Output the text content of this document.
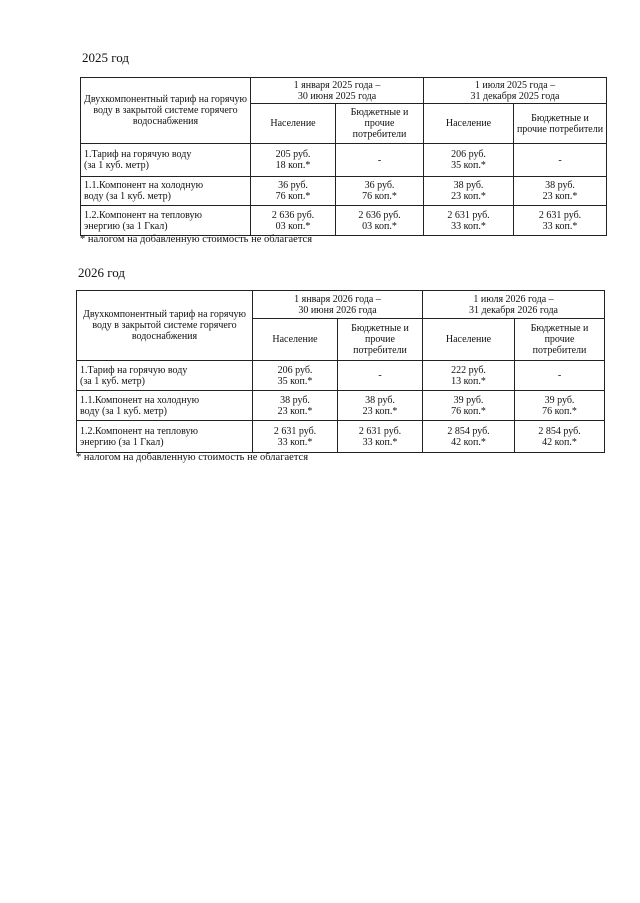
2025 год
Двухкомпонентный тариф на горячую воду в закрытой системе горячего водоснабжения	1 января 2025 года –
30 июня 2025 года		1 июля 2025 года –
31 декабря 2025 года	
	Население	Бюджетные и прочие потребители	Население	Бюджетные и прочие потребители
1.Тариф на горячую воду
(за 1 куб. метр)	205 руб.
18 коп.*	-	206 руб.
35 коп.*	-
1.1.Компонент на холодную
воду (за 1 куб. метр)	36 руб.
76 коп.*	36 руб.
76 коп.*	38 руб.
23 коп.*	38 руб.
23 коп.*
1.2.Компонент на тепловую
энергию (за 1 Гкал)	2 636 руб.
03 коп.*	2 636 руб.
03 коп.*	2 631 руб.
33 коп.*	2 631 руб.
33 коп.*
* налогом на добавленную стоимость не облагается
2026 год
Двухкомпонентный тариф на горячую воду в закрытой системе горячего водоснабжения	1 января 2026 года –
30 июня 2026 года		1 июля 2026 года –
31 декабря 2026 года	
	Население	Бюджетные и прочие потребители	Население	Бюджетные и прочие потребители
1.Тариф на горячую воду
(за 1 куб. метр)	206 руб.
35 коп.*	-	222 руб.
13 коп.*	-
1.1.Компонент на холодную
воду (за 1 куб. метр)	38 руб.
23 коп.*	38 руб.
23 коп.*	39 руб.
76 коп.*	39 руб.
76 коп.*
1.2.Компонент на тепловую
энергию (за 1 Гкал)	2 631 руб.
33 коп.*	2 631 руб.
33 коп.*	2 854 руб.
42 коп.*	2 854 руб.
42 коп.*
* налогом на добавленную стоимость не облагается
